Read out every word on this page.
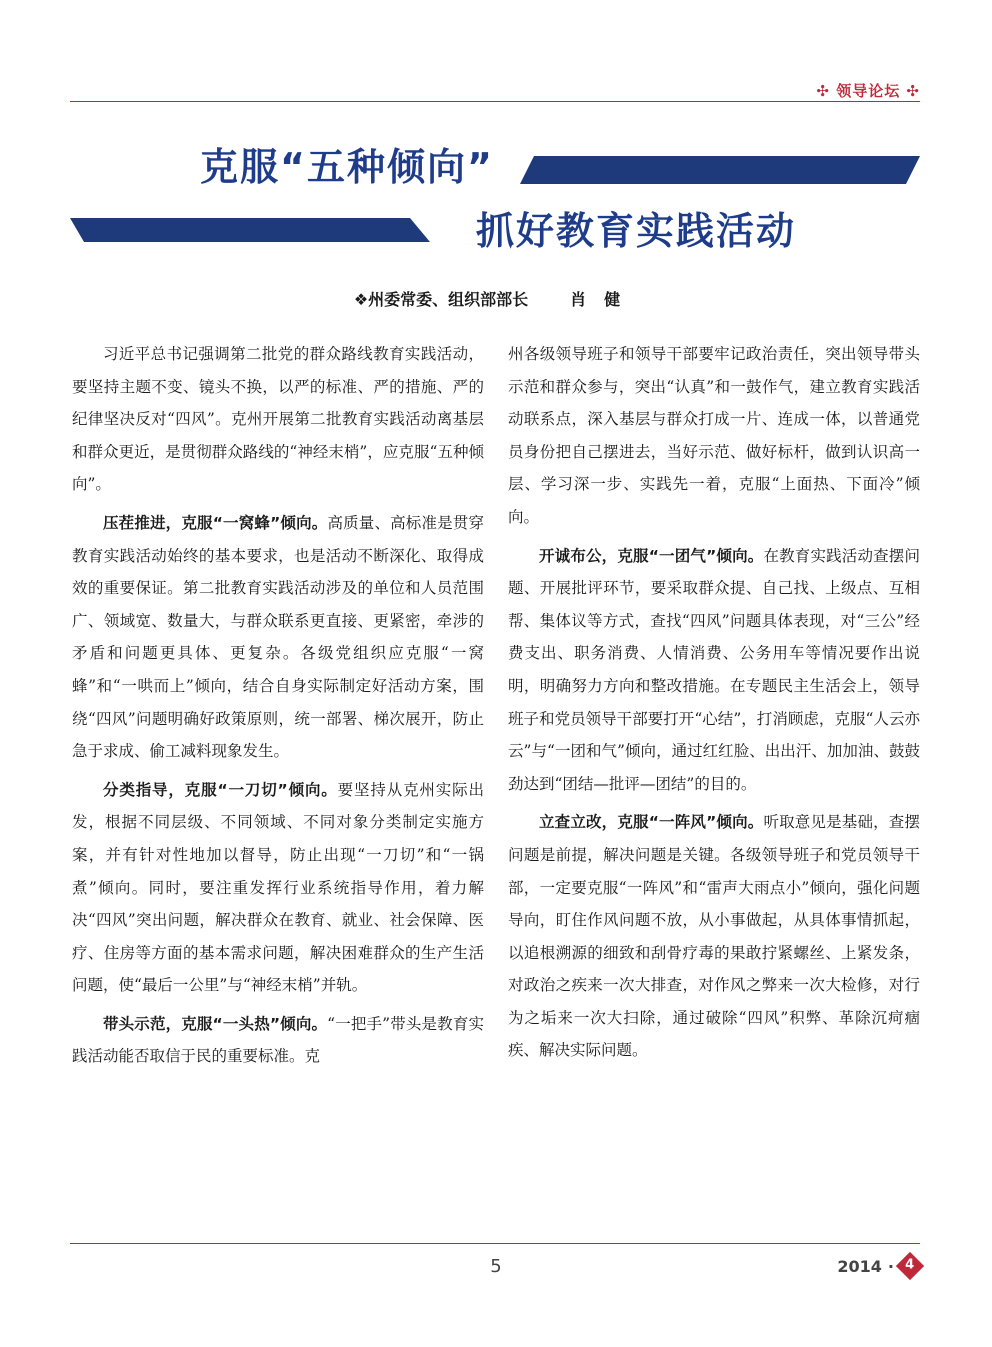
✣ 领导论坛 ✣
克服“五种倾向”
抓好教育实践活动
❖州委常委、组织部部长	肖健

习近平总书记强调第二批党的群众路线教育实践活动，要坚持主题不变、镜头不换，以严的标准、严的措施、严的纪律坚决反对“四风”。克州开展第二批教育实践活动离基层和群众更近，是贯彻群众路线的“神经末梢”，应克服“五种倾向”。

压茬推进，克服“一窝蜂”倾向。高质量、高标准是贯穿教育实践活动始终的基本要求，也是活动不断深化、取得成效的重要保证。第二批教育实践活动涉及的单位和人员范围广、领域宽、数量大，与群众联系更直接、更紧密，牵涉的矛盾和问题更具体、更复杂。各级党组织应克服“一窝蜂”和“一哄而上”倾向，结合自身实际制定好活动方案，围绕“四风”问题明确好政策原则，统一部署、梯次展开，防止急于求成、偷工减料现象发生。

分类指导，克服“一刀切”倾向。要坚持从克州实际出发，根据不同层级、不同领域、不同对象分类制定实施方案，并有针对性地加以督导，防止出现“一刀切”和“一锅煮”倾向。同时，要注重发挥行业系统指导作用，着力解决“四风”突出问题，解决群众在教育、就业、社会保障、医疗、住房等方面的基本需求问题，解决困难群众的生产生活问题，使“最后一公里”与“神经末梢”并轨。

带头示范，克服“一头热”倾向。“一把手”带头是教育实践活动能否取信于民的重要标准。克

州各级领导班子和领导干部要牢记政治责任，突出领导带头示范和群众参与，突出“认真”和一鼓作气，建立教育实践活动联系点，深入基层与群众打成一片、连成一体，以普通党员身份把自己摆进去，当好示范、做好标杆，做到认识高一层、学习深一步、实践先一着，克服“上面热、下面冷”倾向。

开诚布公，克服“一团气”倾向。在教育实践活动查摆问题、开展批评环节，要采取群众提、自己找、上级点、互相帮、集体议等方式，查找“四风”问题具体表现，对“三公”经费支出、职务消费、人情消费、公务用车等情况要作出说明，明确努力方向和整改措施。在专题民主生活会上，领导班子和党员领导干部要打开“心结”，打消顾虑，克服“人云亦云”与“一团和气”倾向，通过红红脸、出出汗、加加油、鼓鼓劲达到“团结—批评—团结”的目的。

立查立改，克服“一阵风”倾向。听取意见是基础，查摆问题是前提，解决问题是关键。各级领导班子和党员领导干部，一定要克服“一阵风”和“雷声大雨点小”倾向，强化问题导向，盯住作风问题不放，从小事做起，从具体事情抓起，以追根溯源的细致和刮骨疗毒的果敢拧紧螺丝、上紧发条，对政治之疾来一次大排查，对作风之弊来一次大检修，对行为之垢来一次大扫除，通过破除“四风”积弊、革除沉疴痼疾、解决实际问题。

5	2014 · 4
